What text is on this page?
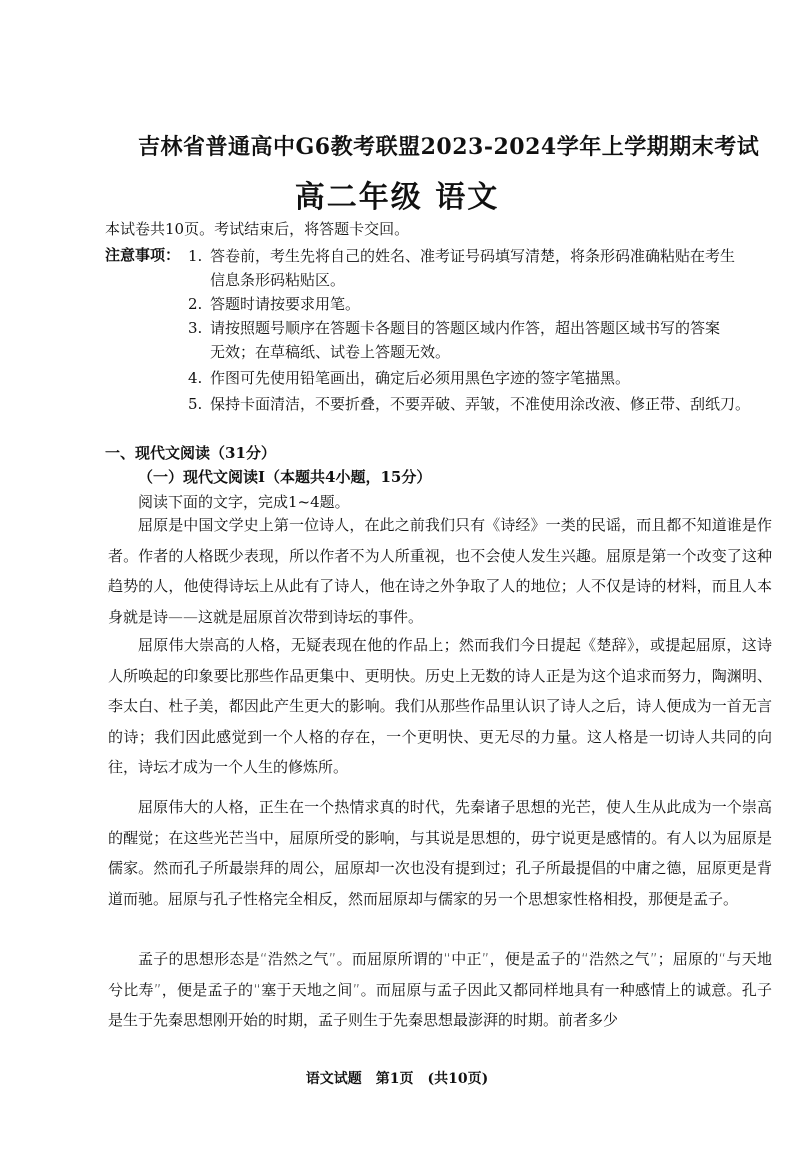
吉林省普通高中G6教考联盟2023-2024学年上学期期末考试
高二年级 语文
本试卷共10页。考试结束后，将答题卡交回。
注意事项： 1. 答卷前，考生先将自己的姓名、准考证号码填写清楚，将条形码准确粘贴在考生
信息条形码粘贴区。
2. 答题时请按要求用笔。
3. 请按照题号顺序在答题卡各题目的答题区域内作答，超出答题区域书写的答案
无效；在草稿纸、试卷上答题无效。
4. 作图可先使用铅笔画出，确定后必须用黑色字迹的签字笔描黑。
5. 保持卡面清洁，不要折叠，不要弄破、弄皱，不准使用涂改液、修正带、刮纸刀。
一、现代文阅读（31分）
（一）现代文阅读Ⅰ（本题共4小题，15分）
阅读下面的文字，完成1~4题。

屈原是中国文学史上第一位诗人，在此之前我们只有《诗经》一类的民谣，而且都不知道谁是作者。作者的人格既少表现，所以作者不为人所重视，也不会使人发生兴趣。屈原是第一个改变了这种趋势的人，他使得诗坛上从此有了诗人，他在诗之外争取了人的地位；人不仅是诗的材料，而且人本身就是诗——这就是屈原首次带到诗坛的事件。

屈原伟大崇高的人格，无疑表现在他的作品上；然而我们今日提起《楚辞》，或提起屈原，这诗人所唤起的印象要比那些作品更集中、更明快。历史上无数的诗人正是为这个追求而努力，陶渊明、李太白、杜子美，都因此产生更大的影响。我们从那些作品里认识了诗人之后，诗人便成为一首无言的诗；我们因此感觉到一个人格的存在，一个更明快、更无尽的力量。这人格是一切诗人共同的向往，诗坛才成为一个人生的修炼所。

屈原伟大的人格，正生在一个热情求真的时代，先秦诸子思想的光芒，使人生从此成为一个崇高的醒觉；在这些光芒当中，屈原所受的影响，与其说是思想的，毋宁说更是感情的。有人以为屈原是儒家。然而孔子所最崇拜的周公，屈原却一次也没有提到过；孔子所最提倡的中庸之德，屈原更是背道而驰。屈原与孔子性格完全相反，然而屈原却与儒家的另一个思想家性格相投，那便是孟子。

孟子的思想形态是“浩然之气”。而屈原所谓的“中正”，便是孟子的“浩然之气”；屈原的“与天地兮比寿”，便是孟子的“塞于天地之间”。而屈原与孟子因此又都同样地具有一种感情上的诚意。孔子是生于先秦思想刚开始的时期，孟子则生于先秦思想最澎湃的时期。前者多少

语文试题　第1页　(共10页)
